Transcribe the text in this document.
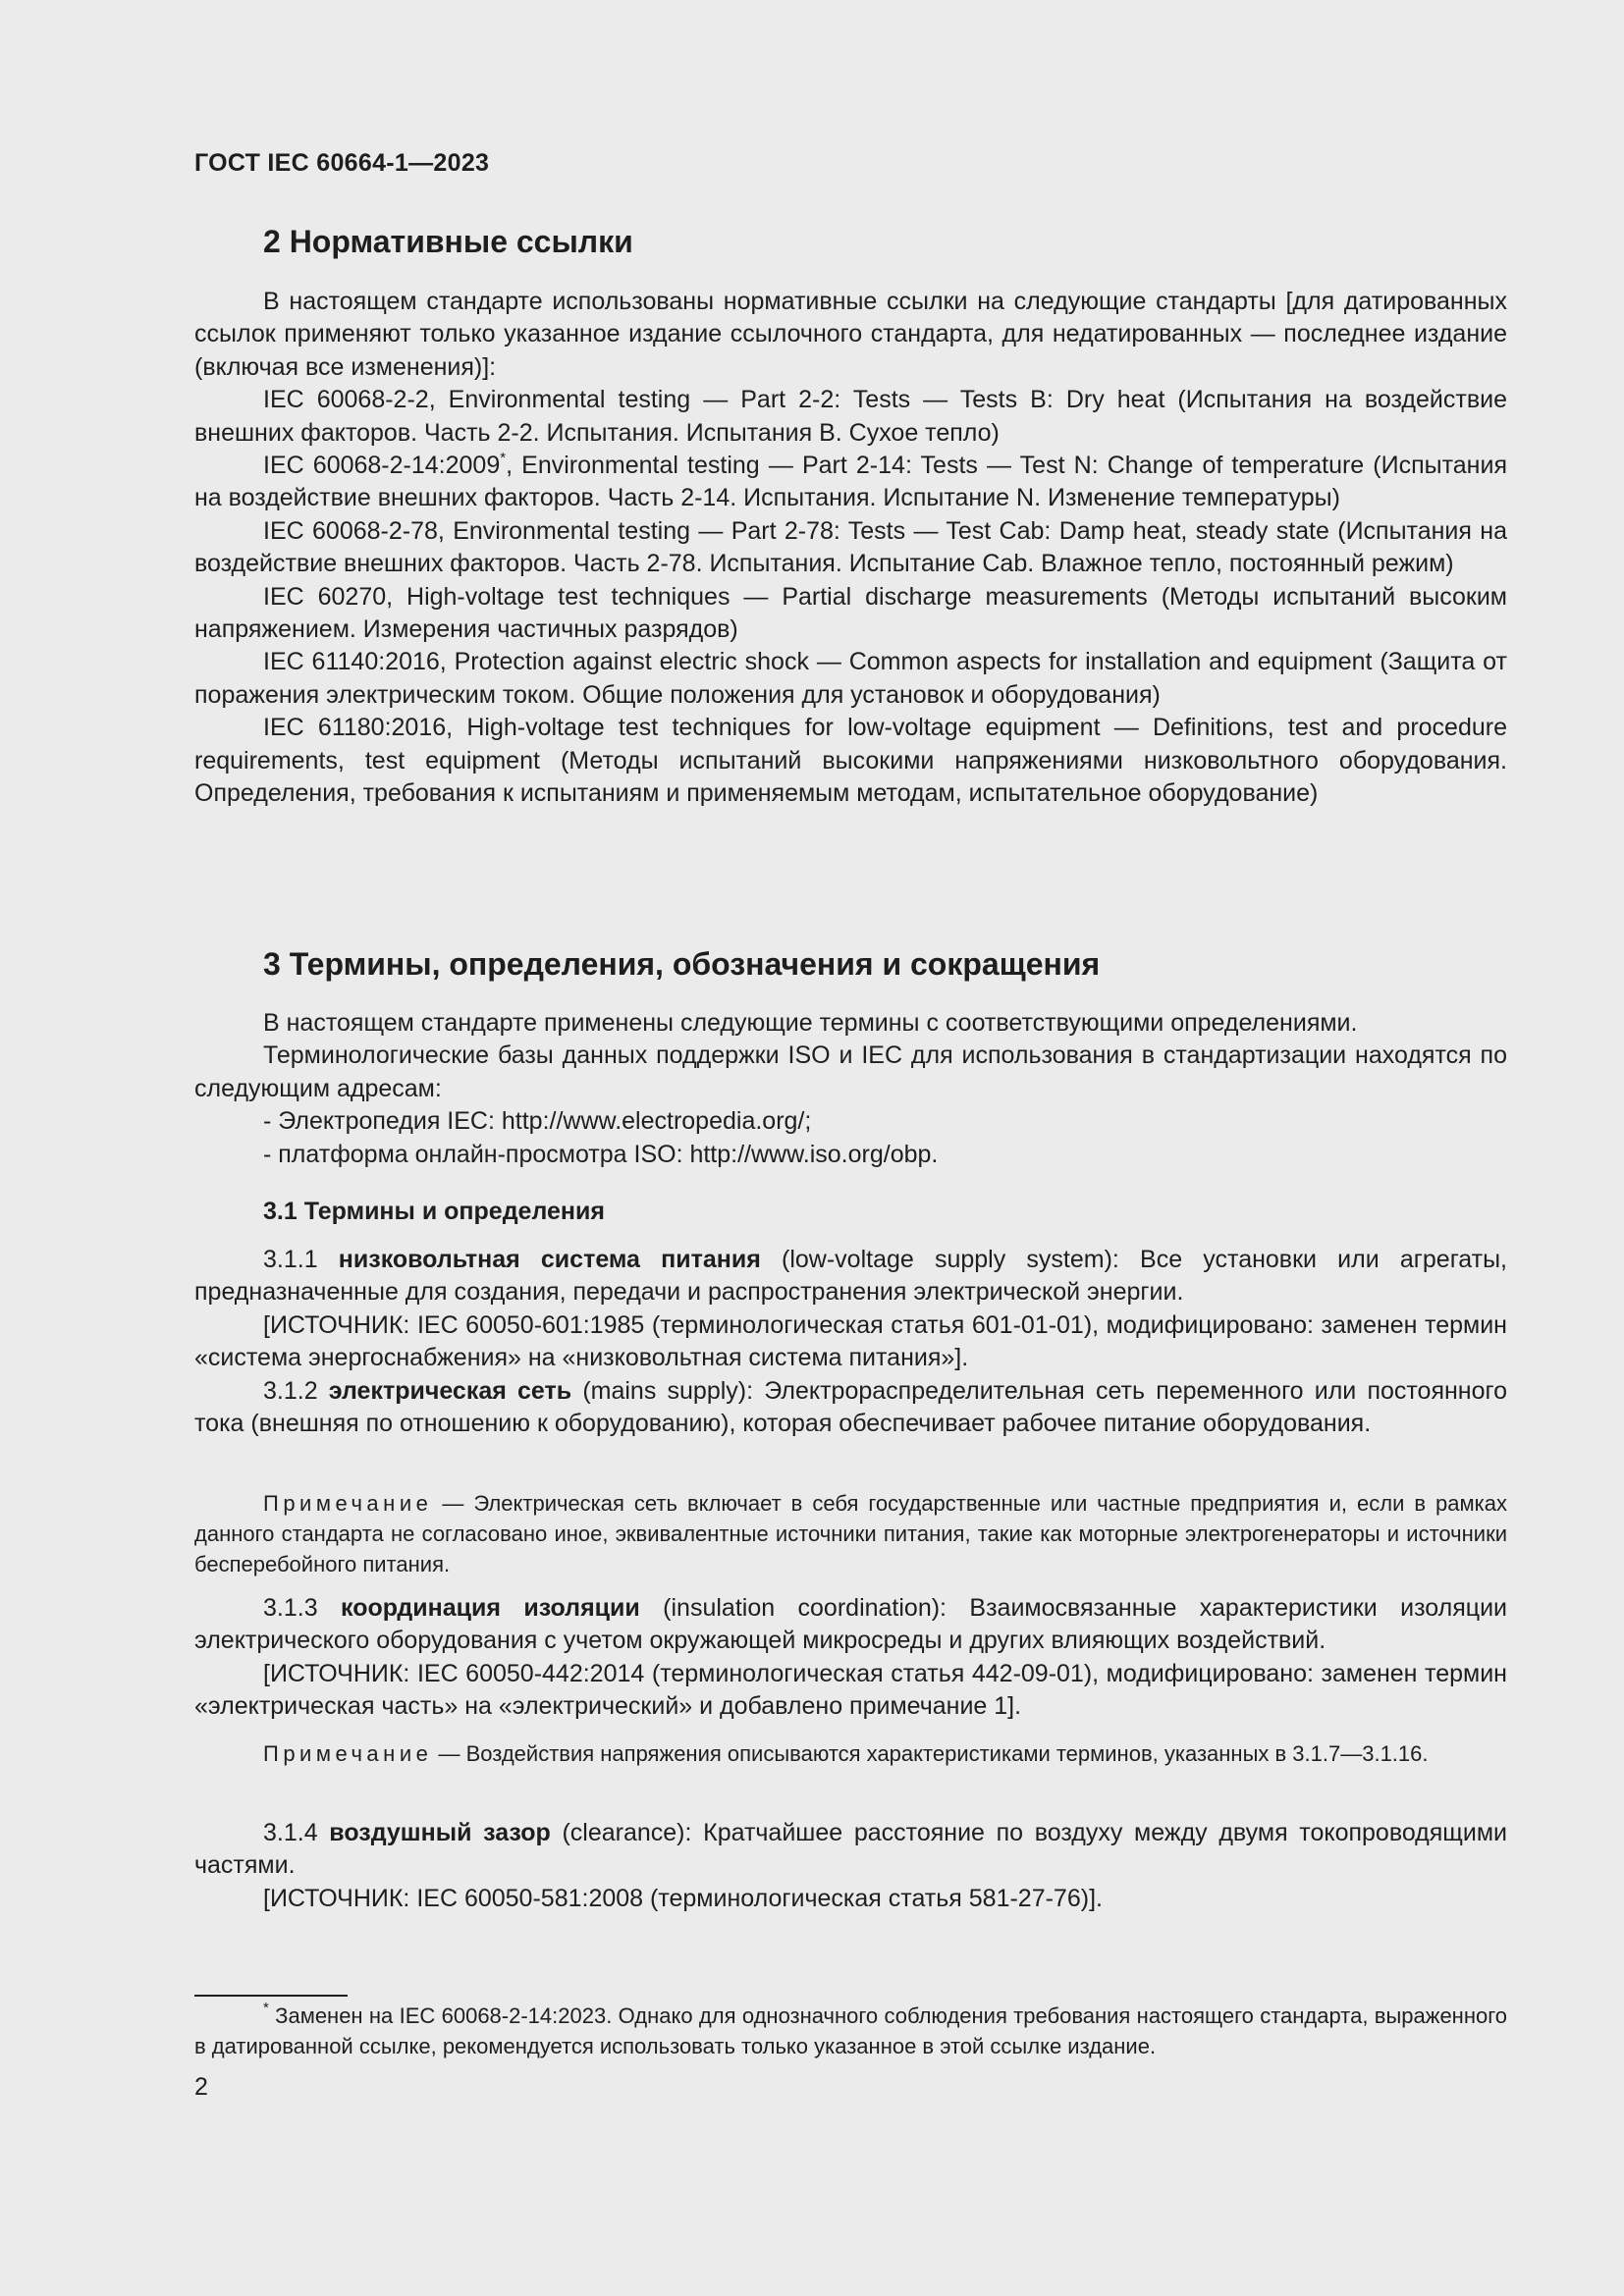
ГОСТ IEC 60664-1—2023
2 Нормативные ссылки

В настоящем стандарте использованы нормативные ссылки на следующие стандарты [для датированных ссылок применяют только указанное издание ссылочного стандарта, для недатированных — последнее издание (включая все изменения)]:

IEC 60068-2-2, Environmental testing — Part 2-2: Tests — Tests B: Dry heat (Испытания на воздействие внешних факторов. Часть 2-2. Испытания. Испытания В. Сухое тепло)

IEC 60068-2-14:2009*, Environmental testing — Part 2-14: Tests — Test N: Change of temperature (Испытания на воздействие внешних факторов. Часть 2-14. Испытания. Испытание N. Изменение температуры)

IEC 60068-2-78, Environmental testing — Part 2-78: Tests — Test Cab: Damp heat, steady state (Испытания на воздействие внешних факторов. Часть 2-78. Испытания. Испытание Cab. Влажное тепло, постоянный режим)

IEC 60270, High-voltage test techniques — Partial discharge measurements (Методы испытаний высоким напряжением. Измерения частичных разрядов)

IEC 61140:2016, Protection against electric shock — Common aspects for installation and equipment (Защита от поражения электрическим током. Общие положения для установок и оборудования)

IEC 61180:2016, High-voltage test techniques for low-voltage equipment — Definitions, test and procedure requirements, test equipment (Методы испытаний высокими напряжениями низковольтного оборудования. Определения, требования к испытаниям и применяемым методам, испытательное оборудование)

3 Термины, определения, обозначения и сокращения

В настоящем стандарте применены следующие термины с соответствующими определениями.

Терминологические базы данных поддержки ISO и IEC для использования в стандартизации находятся по следующим адресам:

- Электропедия IEC: http://www.electropedia.org/;

- платформа онлайн-просмотра ISO: http://www.iso.org/obp.

3.1 Термины и определения

3.1.1 низковольтная система питания (low-voltage supply system): Все установки или агрегаты, предназначенные для создания, передачи и распространения электрической энергии.

[ИСТОЧНИК: IEC 60050-601:1985 (терминологическая статья 601-01-01), модифицировано: заменен термин «система энергоснабжения» на «низковольтная система питания»].

3.1.2 электрическая сеть (mains supply): Электрораспределительная сеть переменного или постоянного тока (внешняя по отношению к оборудованию), которая обеспечивает рабочее питание оборудования.

Примечание — Электрическая сеть включает в себя государственные или частные предприятия и, если в рамках данного стандарта не согласовано иное, эквивалентные источники питания, такие как моторные электрогенераторы и источники бесперебойного питания.

3.1.3 координация изоляции (insulation coordination): Взаимосвязанные характеристики изоляции электрического оборудования с учетом окружающей микросреды и других влияющих воздействий.

[ИСТОЧНИК: IEC 60050-442:2014 (терминологическая статья 442-09-01), модифицировано: заменен термин «электрическая часть» на «электрический» и добавлено примечание 1].

Примечание — Воздействия напряжения описываются характеристиками терминов, указанных в 3.1.7—3.1.16.

3.1.4 воздушный зазор (clearance): Кратчайшее расстояние по воздуху между двумя токопроводящими частями.

[ИСТОЧНИК: IEC 60050-581:2008 (терминологическая статья 581-27-76)].

* Заменен на IEC 60068-2-14:2023. Однако для однозначного соблюдения требования настоящего стандарта, выраженного в датированной ссылке, рекомендуется использовать только указанное в этой ссылке издание.

2
